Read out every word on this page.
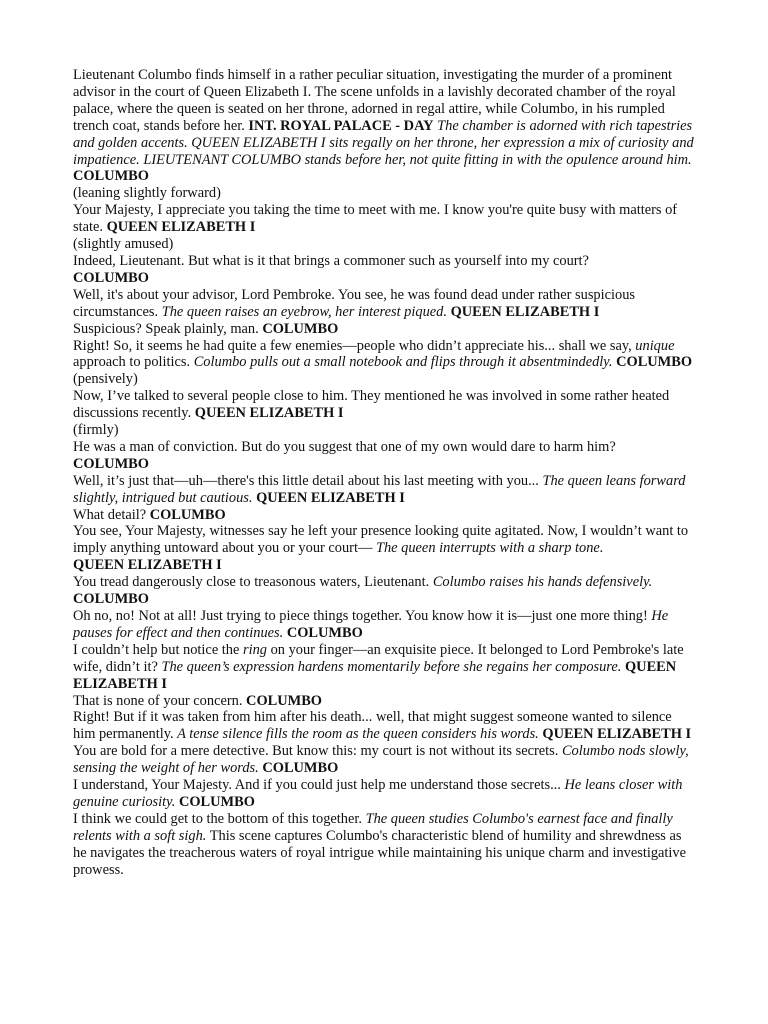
Lieutenant Columbo finds himself in a rather peculiar situation, investigating the murder of a prominent advisor in the court of Queen Elizabeth I. The scene unfolds in a lavishly decorated chamber of the royal palace, where the queen is seated on her throne, adorned in regal attire, while Columbo, in his rumpled trench coat, stands before her. INT. ROYAL PALACE - DAY The chamber is adorned with rich tapestries and golden accents. QUEEN ELIZABETH I sits regally on her throne, her expression a mix of curiosity and impatience. LIEUTENANT COLUMBO stands before her, not quite fitting in with the opulence around him. COLUMBO
(leaning slightly forward)
Your Majesty, I appreciate you taking the time to meet with me. I know you're quite busy with matters of state. QUEEN ELIZABETH I
(slightly amused)
Indeed, Lieutenant. But what is it that brings a commoner such as yourself into my court?
COLUMBO
Well, it's about your advisor, Lord Pembroke. You see, he was found dead under rather suspicious circumstances. The queen raises an eyebrow, her interest piqued. QUEEN ELIZABETH I
Suspicious? Speak plainly, man. COLUMBO
Right! So, it seems he had quite a few enemies—people who didn’t appreciate his... shall we say, unique approach to politics. Columbo pulls out a small notebook and flips through it absentmindedly. COLUMBO
(pensively)
Now, I’ve talked to several people close to him. They mentioned he was involved in some rather heated discussions recently. QUEEN ELIZABETH I
(firmly)
He was a man of conviction. But do you suggest that one of my own would dare to harm him?
COLUMBO
Well, it’s just that—uh—there's this little detail about his last meeting with you... The queen leans forward slightly, intrigued but cautious. QUEEN ELIZABETH I
What detail? COLUMBO
You see, Your Majesty, witnesses say he left your presence looking quite agitated. Now, I wouldn’t want to imply anything untoward about you or your court— The queen interrupts with a sharp tone.
QUEEN ELIZABETH I
You tread dangerously close to treasonous waters, Lieutenant. Columbo raises his hands defensively. COLUMBO
Oh no, no! Not at all! Just trying to piece things together. You know how it is—just one more thing! He pauses for effect and then continues. COLUMBO
I couldn’t help but notice the ring on your finger—an exquisite piece. It belonged to Lord Pembroke's late wife, didn’t it? The queen’s expression hardens momentarily before she regains her composure. QUEEN ELIZABETH I
That is none of your concern. COLUMBO
Right! But if it was taken from him after his death... well, that might suggest someone wanted to silence him permanently. A tense silence fills the room as the queen considers his words. QUEEN ELIZABETH I
You are bold for a mere detective. But know this: my court is not without its secrets. Columbo nods slowly, sensing the weight of her words. COLUMBO
I understand, Your Majesty. And if you could just help me understand those secrets... He leans closer with genuine curiosity. COLUMBO
I think we could get to the bottom of this together. The queen studies Columbo's earnest face and finally relents with a soft sigh. This scene captures Columbo's characteristic blend of humility and shrewdness as he navigates the treacherous waters of royal intrigue while maintaining his unique charm and investigative prowess.
